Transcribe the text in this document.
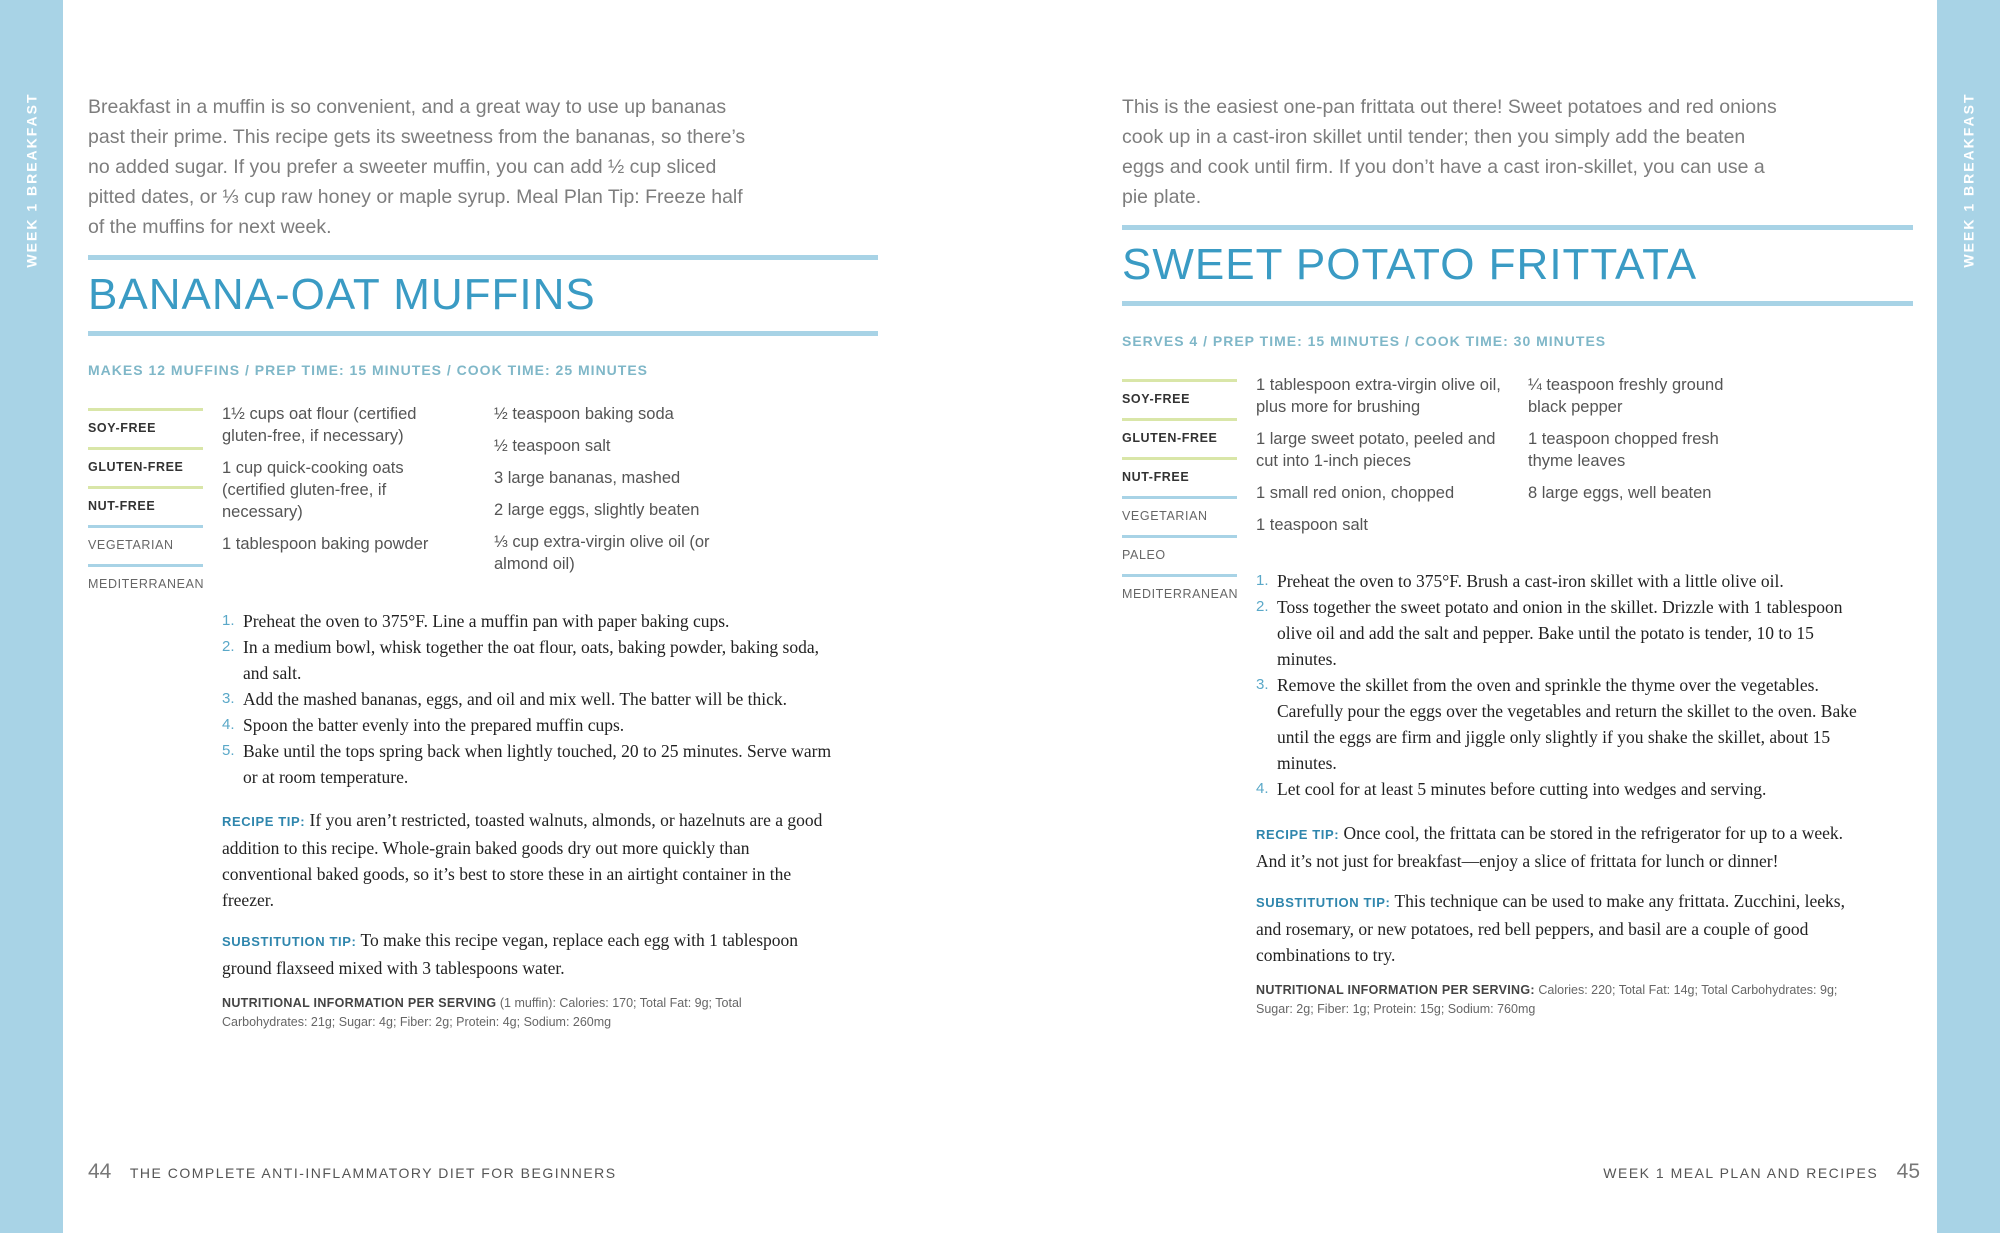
WEEK 1 BREAKFAST	WEEK 1 BREAKFAST
Breakfast in a muffin is so convenient, and a great way to use up bananas past their prime. This recipe gets its sweetness from the bananas, so there’s no added sugar. If you prefer a sweeter muffin, you can add ½ cup sliced pitted dates, or ⅓ cup raw honey or maple syrup. Meal Plan Tip: Freeze half of the muffins for next week.
BANANA-OAT MUFFINS
MAKES 12 MUFFINS / PREP TIME: 15 MINUTES / COOK TIME: 25 MINUTES
SOY-FREE
GLUTEN-FREE
NUT-FREE
VEGETARIAN
MEDITERRANEAN
1½ cups oat flour (certified gluten-free, if necessary)
1 cup quick-cooking oats (certified gluten-free, if necessary)
1 tablespoon baking powder
½ teaspoon baking soda
½ teaspoon salt
3 large bananas, mashed
2 large eggs, slightly beaten
⅓ cup extra-virgin olive oil (or almond oil)
1. Preheat the oven to 375°F. Line a muffin pan with paper baking cups.
2. In a medium bowl, whisk together the oat flour, oats, baking powder, baking soda, and salt.
3. Add the mashed bananas, eggs, and oil and mix well. The batter will be thick.
4. Spoon the batter evenly into the prepared muffin cups.
5. Bake until the tops spring back when lightly touched, 20 to 25 minutes. Serve warm or at room temperature.
RECIPE TIP: If you aren’t restricted, toasted walnuts, almonds, or hazelnuts are a good addition to this recipe. Whole-grain baked goods dry out more quickly than conventional baked goods, so it’s best to store these in an airtight container in the freezer.
SUBSTITUTION TIP: To make this recipe vegan, replace each egg with 1 tablespoon ground flaxseed mixed with 3 tablespoons water.
NUTRITIONAL INFORMATION PER SERVING (1 muffin): Calories: 170; Total Fat: 9g; Total Carbohydrates: 21g; Sugar: 4g; Fiber: 2g; Protein: 4g; Sodium: 260mg
44 THE COMPLETE ANTI-INFLAMMATORY DIET FOR BEGINNERS
This is the easiest one-pan frittata out there! Sweet potatoes and red onions cook up in a cast-iron skillet until tender; then you simply add the beaten eggs and cook until firm. If you don’t have a cast iron-skillet, you can use a pie plate.
SWEET POTATO FRITTATA
SERVES 4 / PREP TIME: 15 MINUTES / COOK TIME: 30 MINUTES
SOY-FREE
GLUTEN-FREE
NUT-FREE
VEGETARIAN
PALEO
MEDITERRANEAN
1 tablespoon extra-virgin olive oil, plus more for brushing
1 large sweet potato, peeled and cut into 1-inch pieces
1 small red onion, chopped
1 teaspoon salt
¼ teaspoon freshly ground black pepper
1 teaspoon chopped fresh thyme leaves
8 large eggs, well beaten
1. Preheat the oven to 375°F. Brush a cast-iron skillet with a little olive oil.
2. Toss together the sweet potato and onion in the skillet. Drizzle with 1 tablespoon olive oil and add the salt and pepper. Bake until the potato is tender, 10 to 15 minutes.
3. Remove the skillet from the oven and sprinkle the thyme over the vegetables. Carefully pour the eggs over the vegetables and return the skillet to the oven. Bake until the eggs are firm and jiggle only slightly if you shake the skillet, about 15 minutes.
4. Let cool for at least 5 minutes before cutting into wedges and serving.
RECIPE TIP: Once cool, the frittata can be stored in the refrigerator for up to a week. And it’s not just for breakfast—enjoy a slice of frittata for lunch or dinner!
SUBSTITUTION TIP: This technique can be used to make any frittata. Zucchini, leeks, and rosemary, or new potatoes, red bell peppers, and basil are a couple of good combinations to try.
NUTRITIONAL INFORMATION PER SERVING: Calories: 220; Total Fat: 14g; Total Carbohydrates: 9g; Sugar: 2g; Fiber: 1g; Protein: 15g; Sodium: 760mg
WEEK 1 MEAL PLAN AND RECIPES 45
